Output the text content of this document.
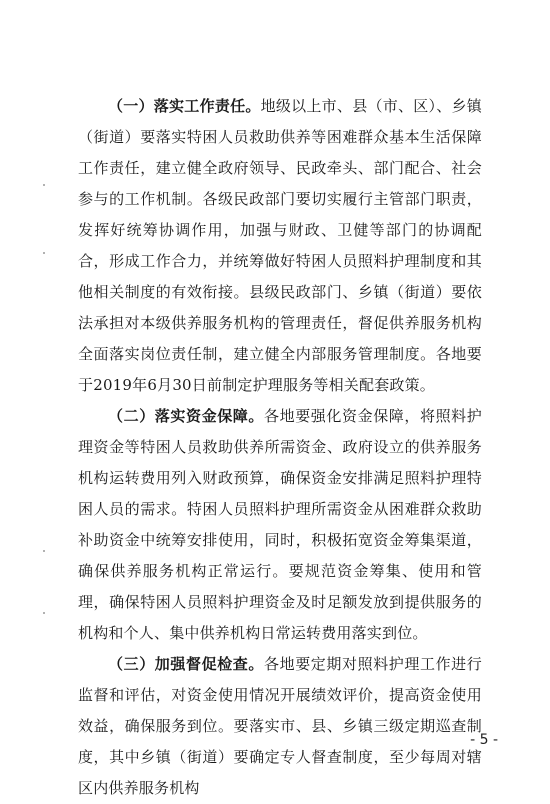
（一）落实工作责任。地级以上市、县（市、区）、乡镇（街道）要落实特困人员救助供养等困难群众基本生活保障工作责任，建立健全政府领导、民政牵头、部门配合、社会参与的工作机制。各级民政部门要切实履行主管部门职责，发挥好统筹协调作用，加强与财政、卫健等部门的协调配合，形成工作合力，并统筹做好特困人员照料护理制度和其他相关制度的有效衔接。县级民政部门、乡镇（街道）要依法承担对本级供养服务机构的管理责任，督促供养服务机构全面落实岗位责任制，建立健全内部服务管理制度。各地要于2019年6月30日前制定护理服务等相关配套政策。

（二）落实资金保障。各地要强化资金保障，将照料护理资金等特困人员救助供养所需资金、政府设立的供养服务机构运转费用列入财政预算，确保资金安排满足照料护理特困人员的需求。特困人员照料护理所需资金从困难群众救助补助资金中统筹安排使用，同时，积极拓宽资金筹集渠道，确保供养服务机构正常运行。要规范资金筹集、使用和管理，确保特困人员照料护理资金及时足额发放到提供服务的机构和个人、集中供养机构日常运转费用落实到位。

（三）加强督促检查。各地要定期对照料护理工作进行监督和评估，对资金使用情况开展绩效评价，提高资金使用效益，确保服务到位。要落实市、县、乡镇三级定期巡查制度，其中乡镇（街道）要确定专人督查制度，至少每周对辖区内供养服务机构

- 5 -
